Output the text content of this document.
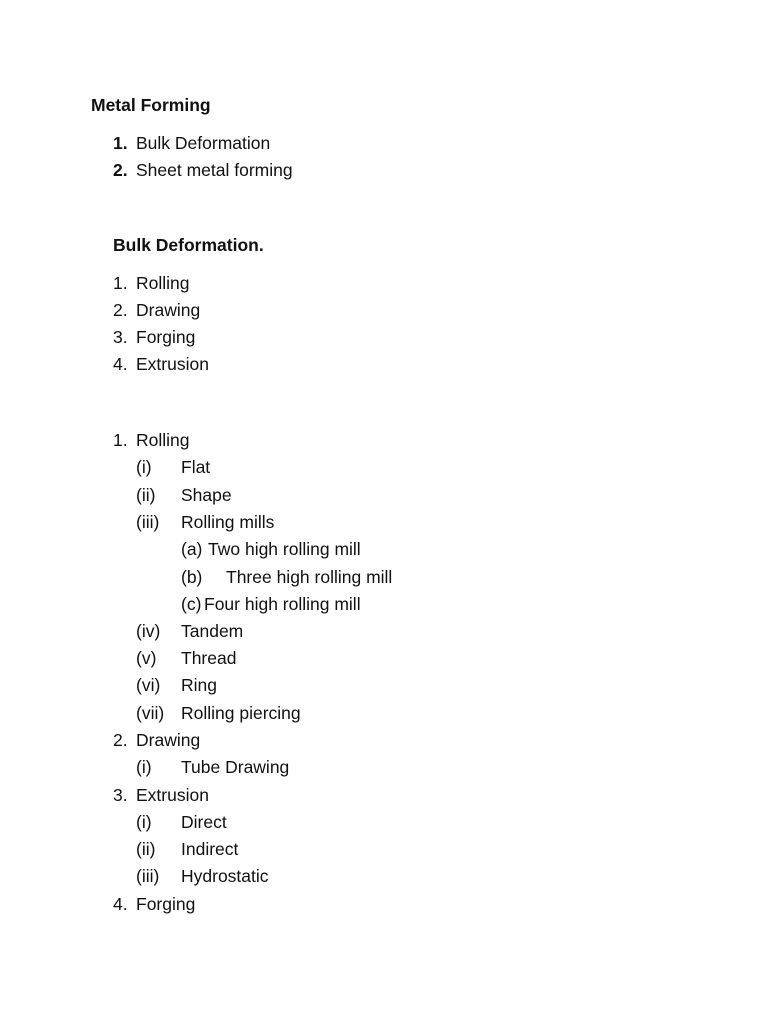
Metal Forming
1. Bulk Deformation
2. Sheet metal forming
Bulk Deformation.
1. Rolling
2. Drawing
3. Forging
4. Extrusion
1. Rolling
(i) Flat
(ii) Shape
(iii) Rolling mills
(a) Two high rolling mill
(b) Three high rolling mill
(c) Four high rolling mill
(iv) Tandem
(v) Thread
(vi) Ring
(vii) Rolling piercing
2. Drawing
(i) Tube Drawing
3. Extrusion
(i) Direct
(ii) Indirect
(iii) Hydrostatic
4. Forging
